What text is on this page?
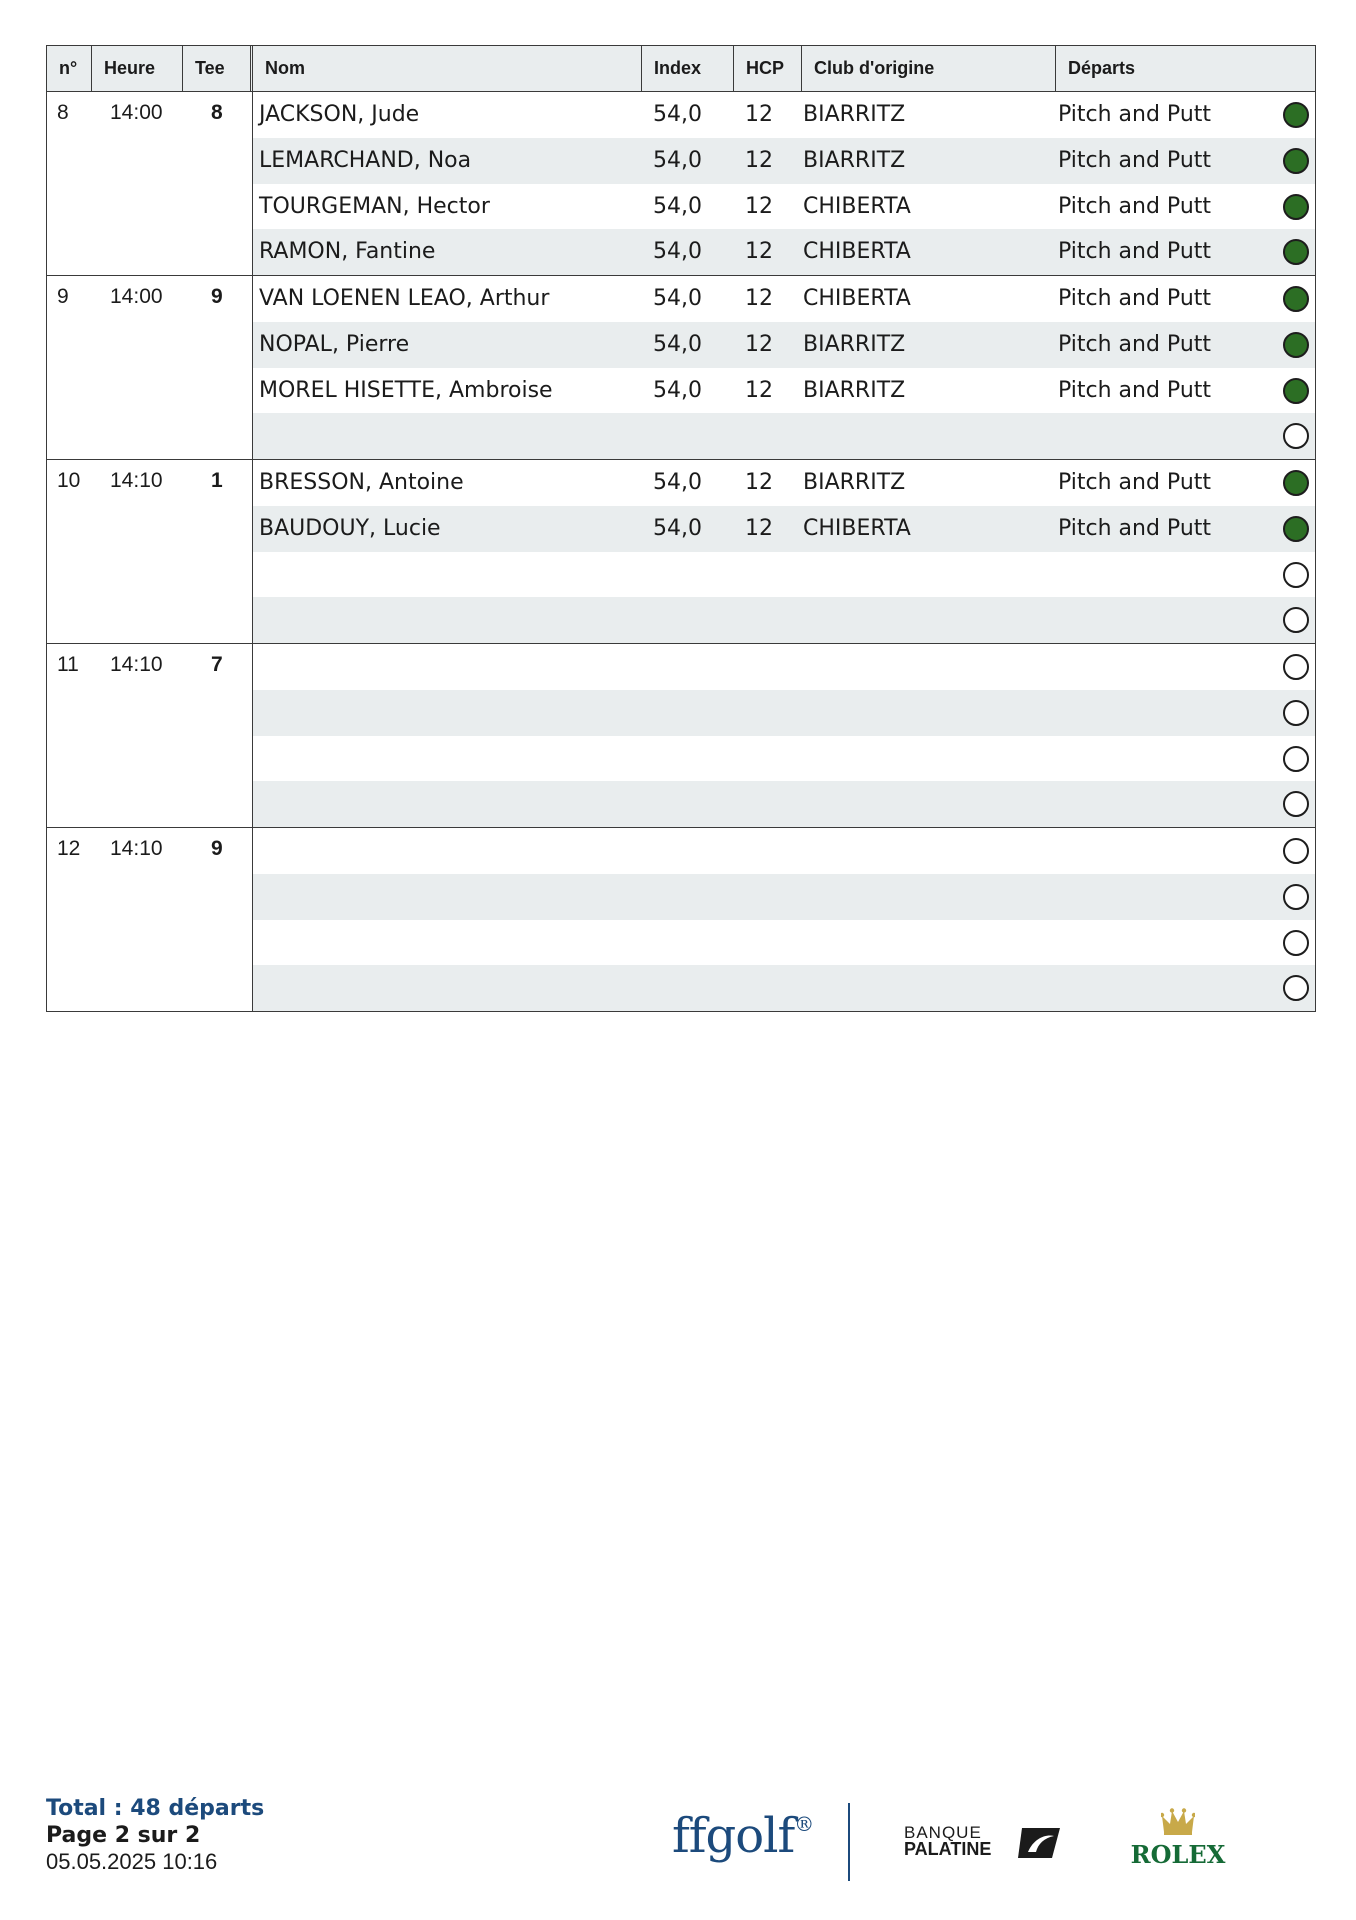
n°	Heure	Tee	Nom	Index	HCP	Club d'origine	Départs
8 14:00 8 JACKSON, Jude	54,0 12 BIARRITZ	Pitch and Putt
LEMARCHAND, Noa	54,0 12 BIARRITZ	Pitch and Putt
TOURGEMAN, Hector	54,0 12 CHIBERTA	Pitch and Putt
RAMON, Fantine	54,0 12 CHIBERTA	Pitch and Putt
9 14:00 9 VAN LOENEN LEAO, Arthur	54,0 12 CHIBERTA	Pitch and Putt
NOPAL, Pierre	54,0 12 BIARRITZ	Pitch and Putt
MOREL HISETTE, Ambroise	54,0 12 BIARRITZ	Pitch and Putt
10 14:10 1 BRESSON, Antoine	54,0 12 BIARRITZ	Pitch and Putt
BAUDOUY, Lucie	54,0 12 CHIBERTA	Pitch and Putt
11 14:10 7
12 14:10 9
Total : 48 départs
Page 2 sur 2
05.05.2025 10:16	ffgolf®	BANQUE
PALATINE	ROLEX
